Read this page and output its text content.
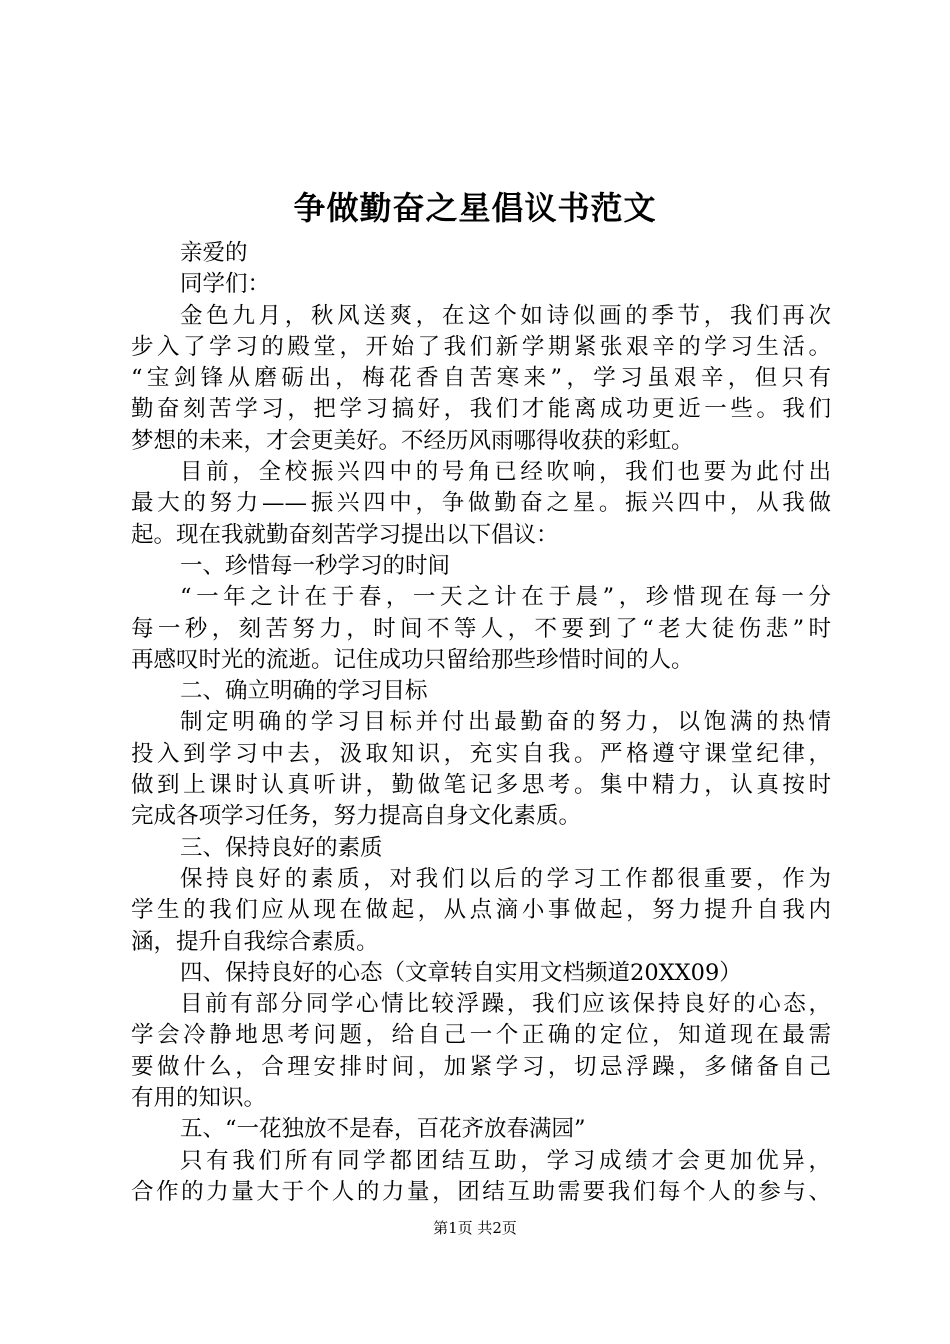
争做勤奋之星倡议书范文
亲爱的
同学们：
金色九月，秋风送爽，在这个如诗似画的季节，我们再次
步入了学习的殿堂，开始了我们新学期紧张艰辛的学习生活。
“宝剑锋从磨砺出，梅花香自苦寒来”，学习虽艰辛，但只有
勤奋刻苦学习，把学习搞好，我们才能离成功更近一些。我们
梦想的未来，才会更美好。不经历风雨哪得收获的彩虹。
目前，全校振兴四中的号角已经吹响，我们也要为此付出
最大的努力——振兴四中，争做勤奋之星。振兴四中，从我做
起。现在我就勤奋刻苦学习提出以下倡议：
一、珍惜每一秒学习的时间
“一年之计在于春，一天之计在于晨”，珍惜现在每一分
每一秒，刻苦努力，时间不等人，不要到了“老大徒伤悲”时
再感叹时光的流逝。记住成功只留给那些珍惜时间的人。
二、确立明确的学习目标
制定明确的学习目标并付出最勤奋的努力，以饱满的热情
投入到学习中去，汲取知识，充实自我。严格遵守课堂纪律，
做到上课时认真听讲，勤做笔记多思考。集中精力，认真按时
完成各项学习任务，努力提高自身文化素质。
三、保持良好的素质
保持良好的素质，对我们以后的学习工作都很重要，作为
学生的我们应从现在做起，从点滴小事做起，努力提升自我内
涵，提升自我综合素质。
四、保持良好的心态（文章转自实用文档频道20XX09）
目前有部分同学心情比较浮躁，我们应该保持良好的心态，
学会冷静地思考问题，给自己一个正确的定位，知道现在最需
要做什么，合理安排时间，加紧学习，切忌浮躁，多储备自己
有用的知识。
五、“一花独放不是春，百花齐放春满园”
只有我们所有同学都团结互助，学习成绩才会更加优异，
合作的力量大于个人的力量，团结互助需要我们每个人的参与、
第1页 共2页
